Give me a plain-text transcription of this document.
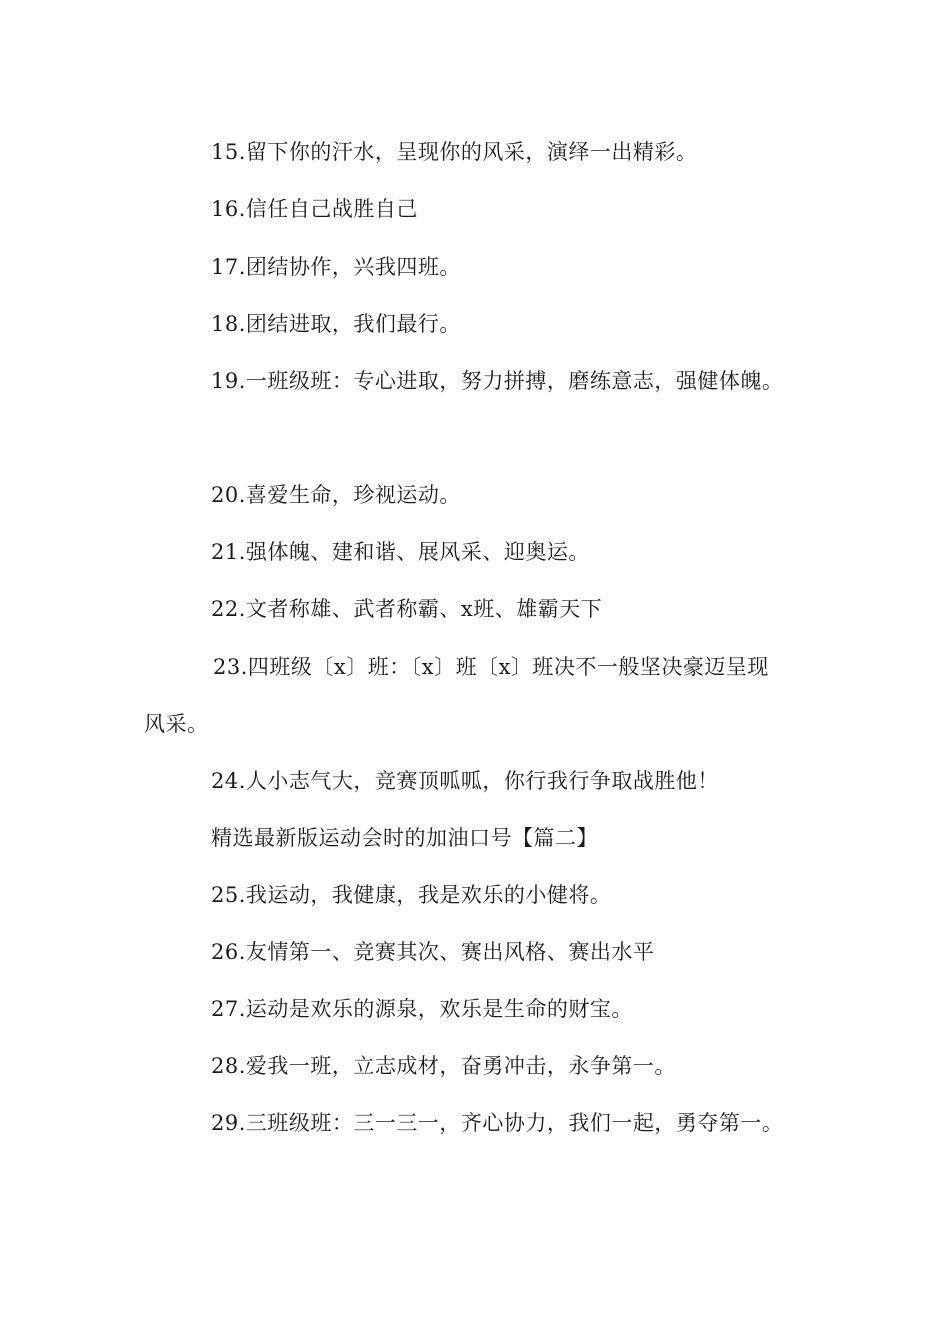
15.留下你的汗水，呈现你的风采，演绎一出精彩。
16.信任自己战胜自己
17.团结协作，兴我四班。
18.团结进取，我们最行。
19.一班级班：专心进取，努力拼搏，磨练意志，强健体魄。
20.喜爱生命，珍视运动。
21.强体魄、建和谐、展风采、迎奥运。
22.文者称雄、武者称霸、x班、雄霸天下
23.四班级〔x〕班：〔x〕班〔x〕班决不一般坚决豪迈呈现
风采。
24.人小志气大，竞赛顶呱呱，你行我行争取战胜他！
精选最新版运动会时的加油口号【篇二】
25.我运动，我健康，我是欢乐的小健将。
26.友情第一、竞赛其次、赛出风格、赛出水平
27.运动是欢乐的源泉，欢乐是生命的财宝。
28.爱我一班，立志成材，奋勇冲击，永争第一。
29.三班级班：三一三一，齐心协力，我们一起，勇夺第一。
